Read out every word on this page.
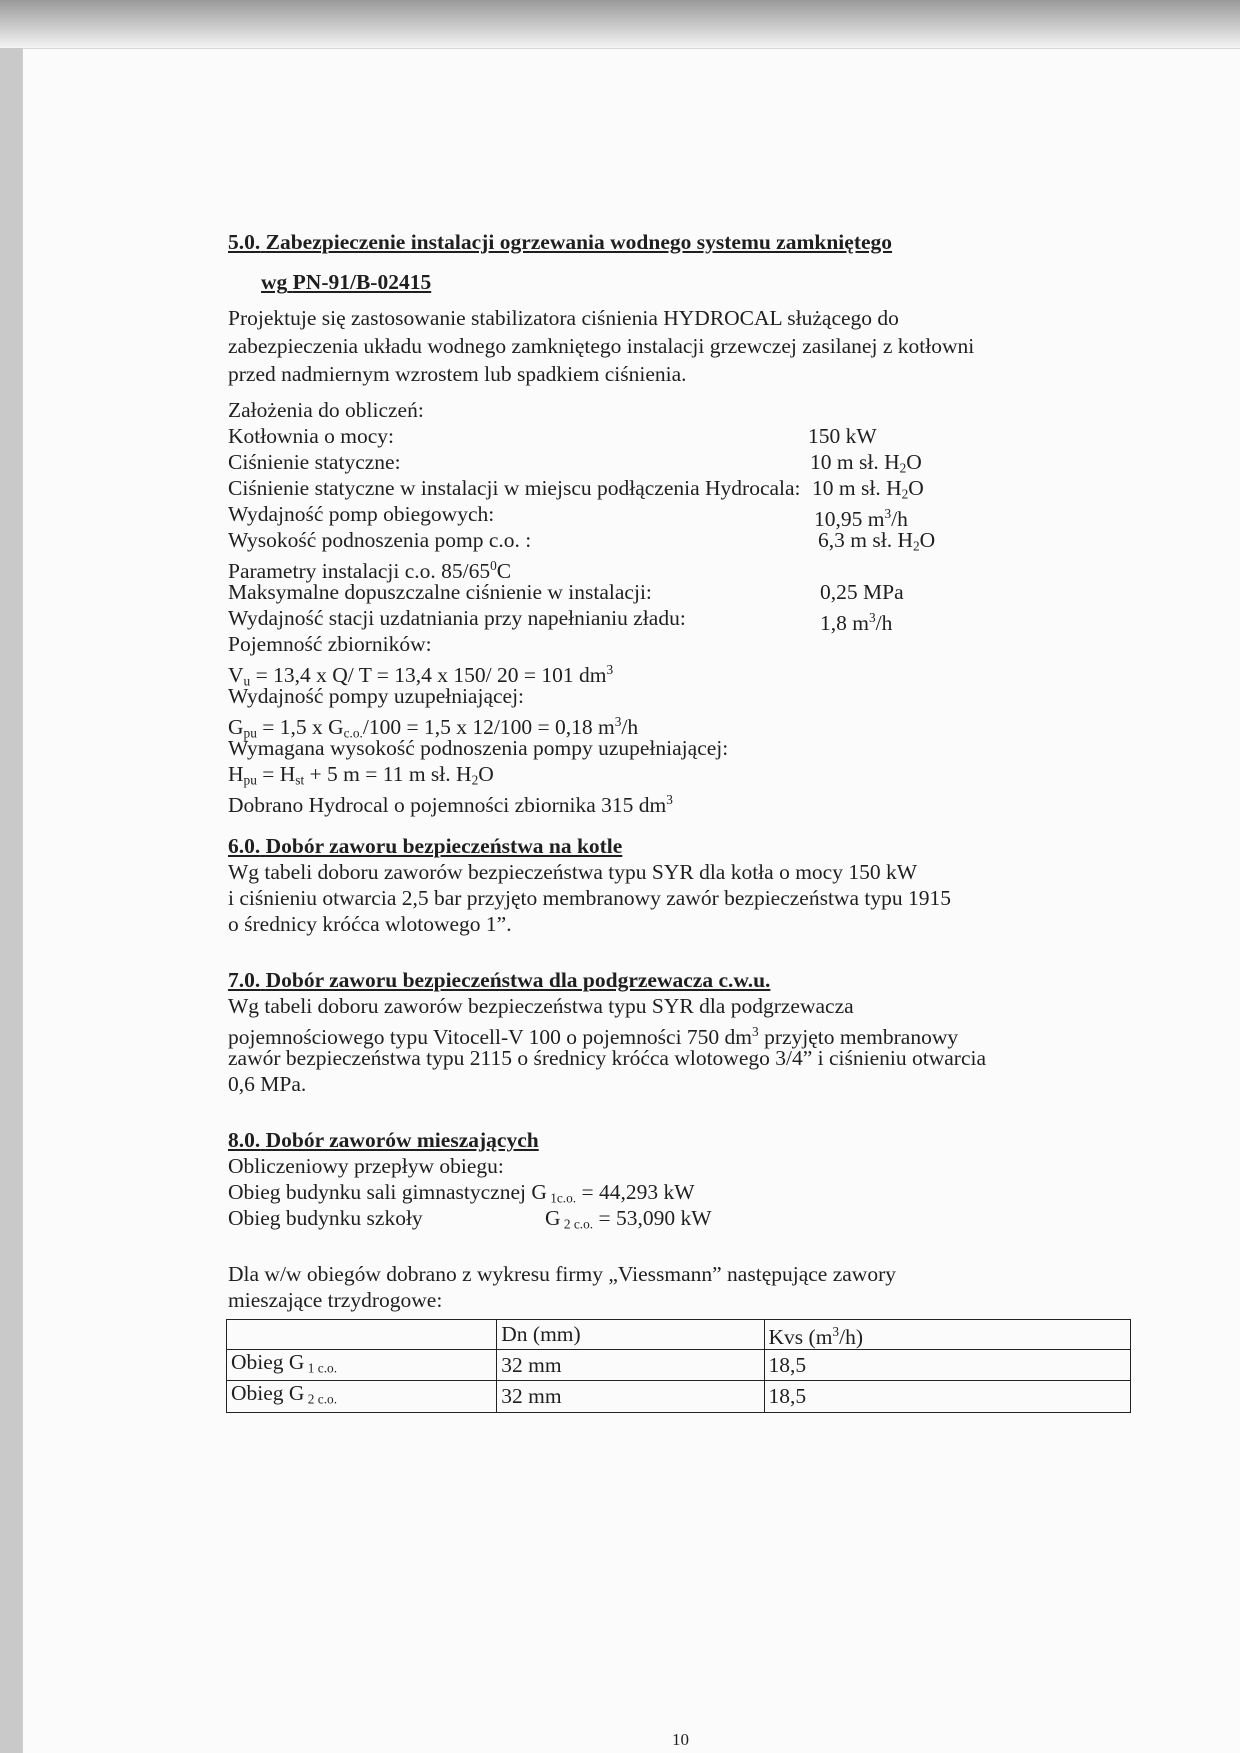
5.0. Zabezpieczenie instalacji ogrzewania wodnego systemu zamkniętego
wg PN-91/B-02415
Projektuje się zastosowanie stabilizatora ciśnienia HYDROCAL służącego do
zabezpieczenia układu wodnego zamkniętego instalacji grzewczej zasilanej z kotłowni
przed nadmiernym wzrostem lub spadkiem ciśnienia.
Założenia do obliczeń:
Kotłownia o mocy:	150 kW
Ciśnienie statyczne:	10 m sł. $H_2O$
Ciśnienie statyczne w instalacji w miejscu podłączenia Hydrocala: 10 m sł. $H_2O$
Wydajność pomp obiegowych:	10,95 $m^3/h$
Wysokość podnoszenia pomp c.o. :	6,3 m sł. $H_2O$
Parametry instalacji c.o. $85/65^0C$
Maksymalne dopuszczalne ciśnienie w instalacji:	0,25 MPa
Wydajność stacji uzdatniania przy napełnianiu zładu:	1,8 $m^3/h$
Pojemność zbiorników:
$V_u = 13,4$ x Q/ T = 13,4 x 150/ 20 = 101 $dm^3$
Wydajność pompy uzupełniającej:
$G_{pu} = 1,5$ x $G_{c.o.}/100 = 1,5$ x 12/100 = 0,18 $m^3/h$
Wymagana wysokość podnoszenia pompy uzupełniającej:
$H_{pu} = H_{st} + 5$ m = 11 m sł. $H_2O$
Dobrano Hydrocal o pojemności zbiornika 315 $dm^3$
6.0. Dobór zaworu bezpieczeństwa na kotle
Wg tabeli doboru zaworów bezpieczeństwa typu SYR dla kotła o mocy 150 kW
i ciśnieniu otwarcia 2,5 bar przyjęto membranowy zawór bezpieczeństwa typu 1915
o średnicy króćca wlotowego 1”.
7.0. Dobór zaworu bezpieczeństwa dla podgrzewacza c.w.u.
Wg tabeli doboru zaworów bezpieczeństwa typu SYR dla podgrzewacza
pojemnościowego typu Vitocell-V 100 o pojemności 750 $dm^3$ przyjęto membranowy
zawór bezpieczeństwa typu 2115 o średnicy króćca wlotowego 3/4” i ciśnieniu otwarcia
0,6 MPa.
8.0. Dobór zaworów mieszających
Obliczeniowy przepływ obiegu:
Obieg budynku sali gimnastycznej G $_{1c.o.}$ = 44,293 kW
Obieg budynku szkoły	G $_{2 c.o.}$ = 53,090 kW
Dla w/w obiegów dobrano z wykresu firmy „Viessmann” następujące zawory
mieszające trzydrogowe:
	Dn (mm)	Kvs $(m^3/h)$
Obieg G $_{1 c.o.}$	32 mm	18,5
Obieg G $_{2 c.o.}$	32 mm	18,5
10
